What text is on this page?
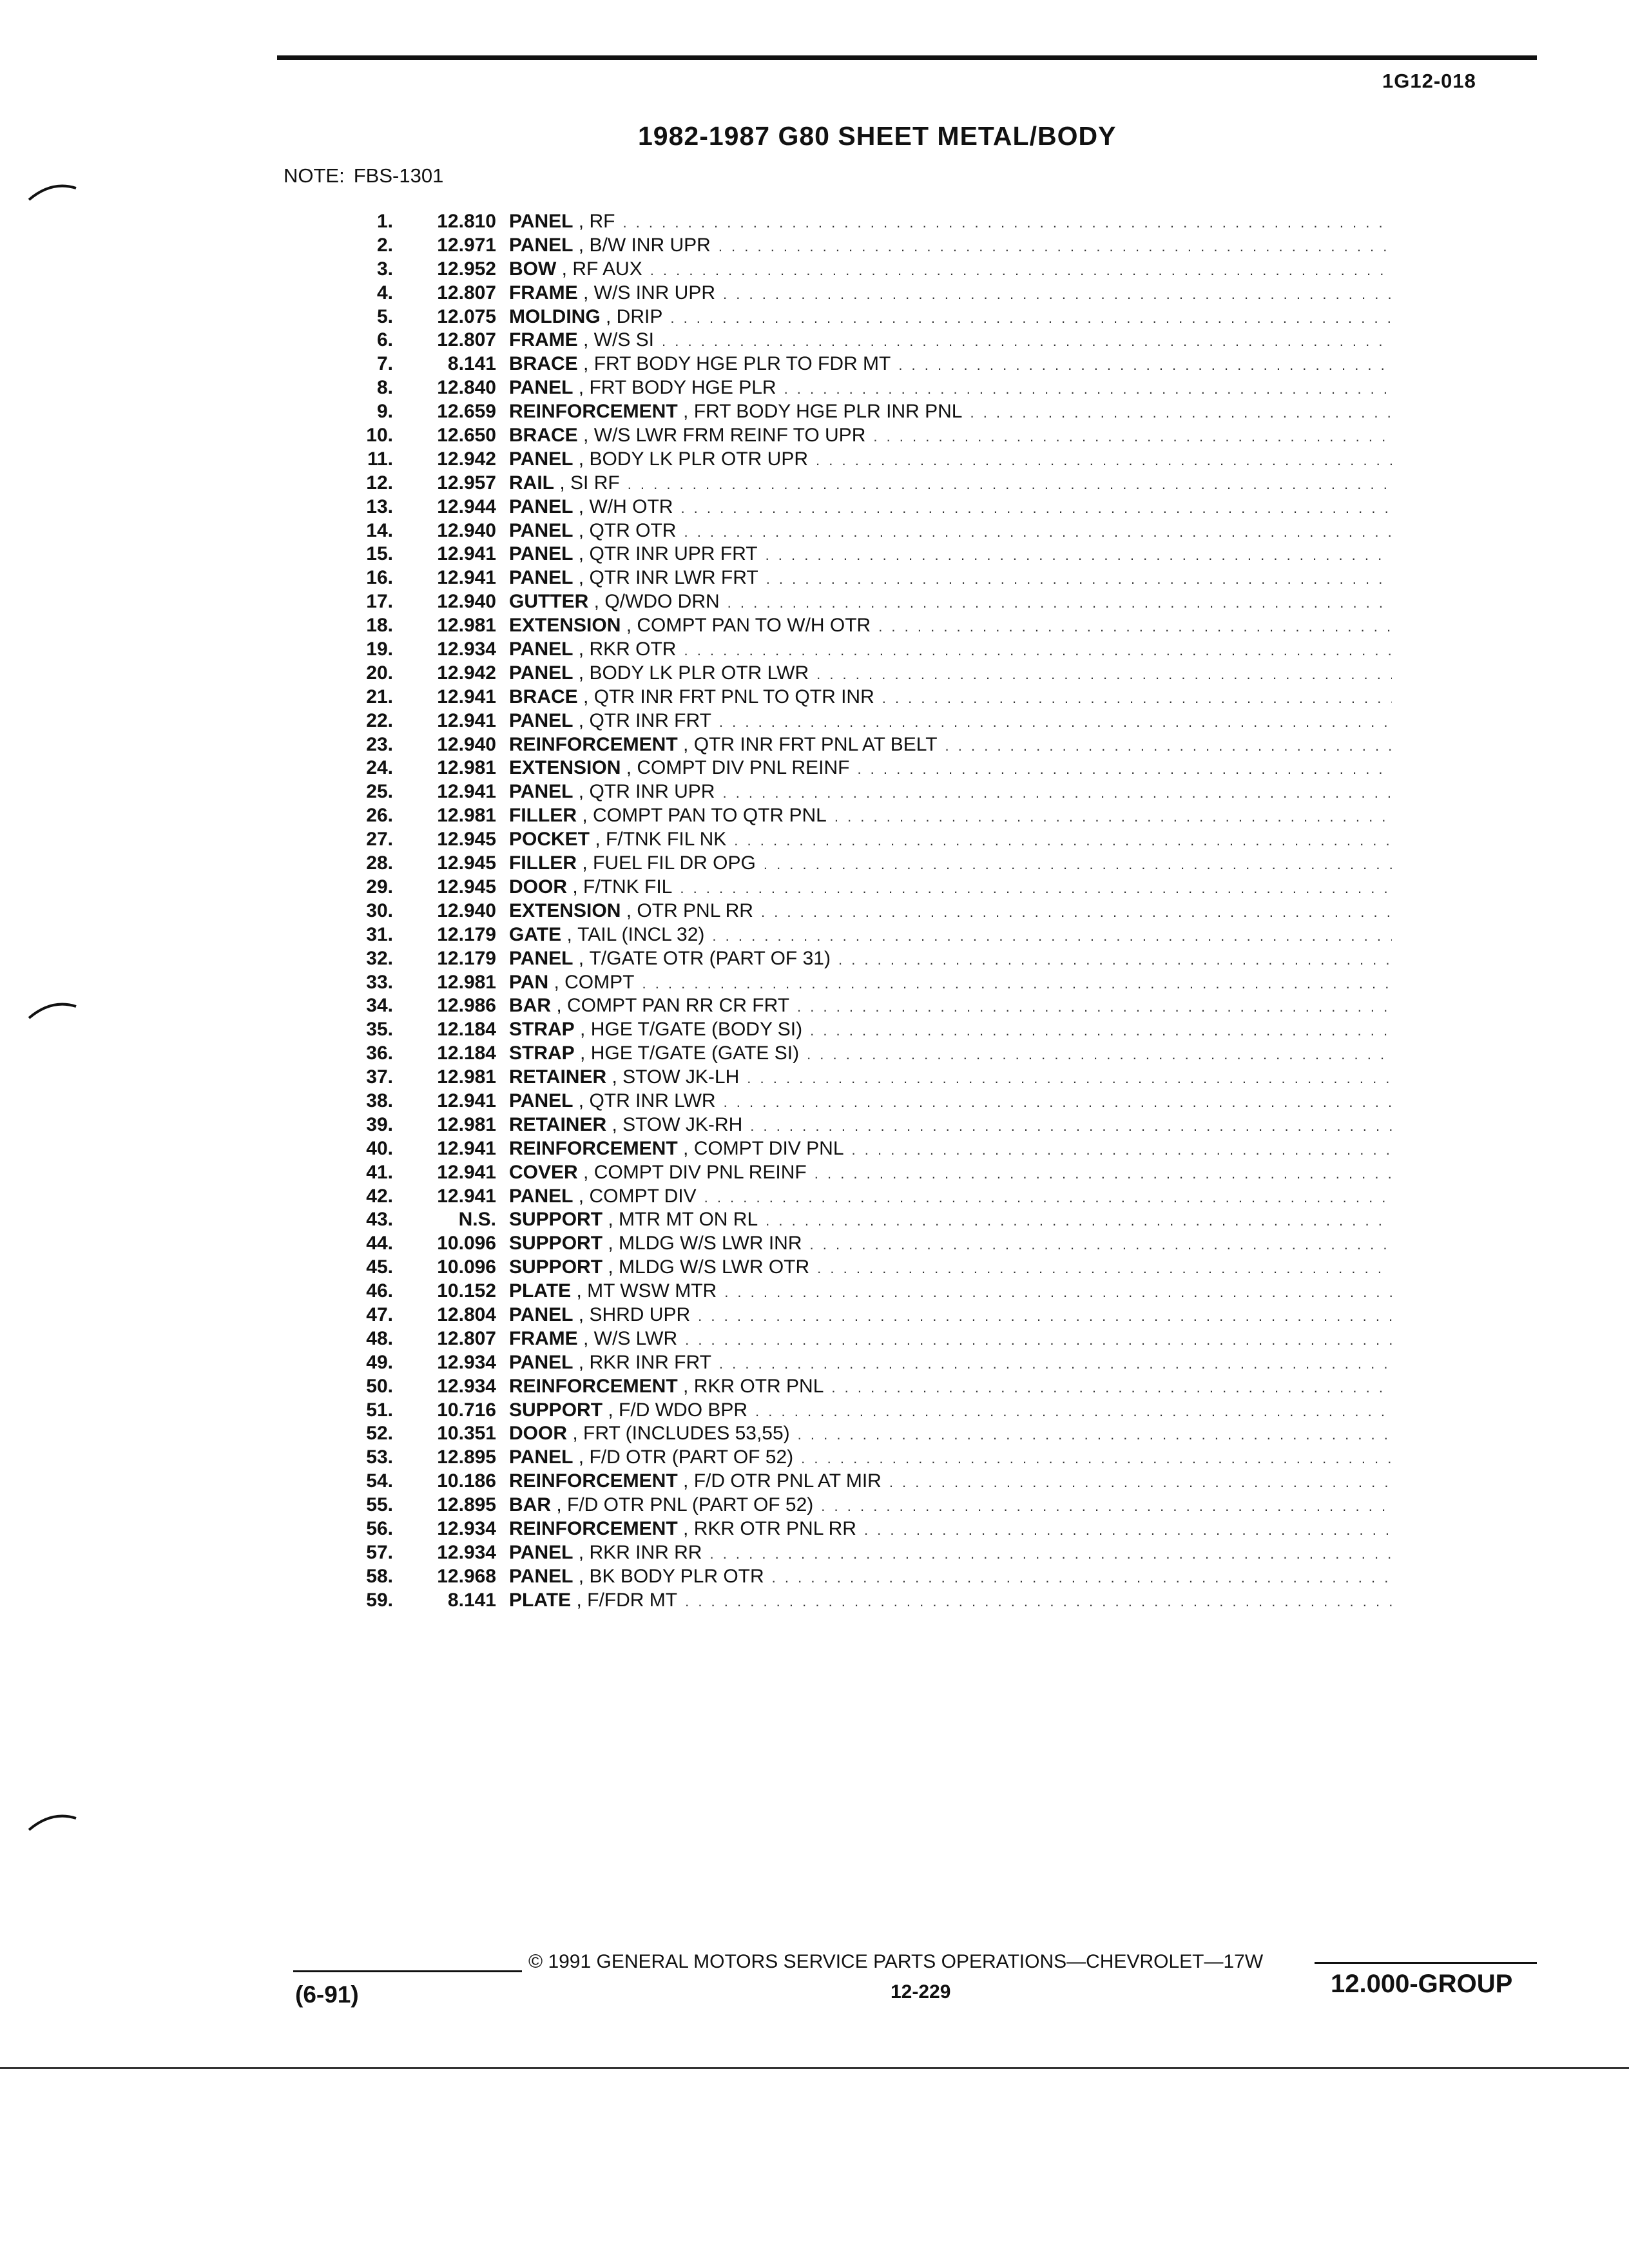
1G12-018
1982-1987 G80 SHEET METAL/BODY
NOTE: FBS-1301
1.	12.810 PANEL , RF
. . .
2.	12.971 PANEL , B/W INR UPR
. . .
3.	12.952 BOW , RF AUX
. . .
4.	12.807 FRAME , W/S INR UPR
. . .
5.	12.075 MOLDING , DRIP
. . .
6.	12.807 FRAME , W/S SI
. . .
7.	8.141 BRACE , FRT BODY HGE PLR TO FDR MT
. . .
8.	12.840 PANEL , FRT BODY HGE PLR
. . .
9.	12.659 REINFORCEMENT , FRT BODY HGE PLR INR PNL
. . .
10.	12.650 BRACE , W/S LWR FRM REINF TO UPR
. . .
11.	12.942 PANEL , BODY LK PLR OTR UPR
. . .
12.	12.957 RAIL , SI RF
. . .
13.	12.944 PANEL , W/H OTR
. . .
14.	12.940 PANEL , QTR OTR
. . .
15.	12.941 PANEL , QTR INR UPR FRT
. . .
16.	12.941 PANEL , QTR INR LWR FRT
. . .
17.	12.940 GUTTER , Q/WDO DRN
. . .
18.	12.981 EXTENSION , COMPT PAN TO W/H OTR
. . .
19.	12.934 PANEL , RKR OTR
. . .
20.	12.942 PANEL , BODY LK PLR OTR LWR
. . .
21.	12.941 BRACE , QTR INR FRT PNL TO QTR INR
. . .
22.	12.941 PANEL , QTR INR FRT
. . .
23.	12.940 REINFORCEMENT , QTR INR FRT PNL AT BELT
. . .
24.	12.981 EXTENSION , COMPT DIV PNL REINF
. . .
25.	12.941 PANEL , QTR INR UPR
. . .
26.	12.981 FILLER , COMPT PAN TO QTR PNL
. . .
27.	12.945 POCKET , F/TNK FIL NK
. . .
28.	12.945 FILLER , FUEL FIL DR OPG
. . .
29.	12.945 DOOR , F/TNK FIL
. . .
30.	12.940 EXTENSION , OTR PNL RR
. . .
31.	12.179 GATE , TAIL (INCL 32)
. . .
32.	12.179 PANEL , T/GATE OTR (PART OF 31)
. . .
33.	12.981 PAN , COMPT
. . .
34.	12.986 BAR , COMPT PAN RR CR FRT
. . .
35.	12.184 STRAP , HGE T/GATE (BODY SI)
. . .
36.	12.184 STRAP , HGE T/GATE (GATE SI)
. . .
37.	12.981 RETAINER , STOW JK-LH
. . .
38.	12.941 PANEL , QTR INR LWR
. . .
39.	12.981 RETAINER , STOW JK-RH
. . .
40.	12.941 REINFORCEMENT , COMPT DIV PNL
. . .
41.	12.941 COVER , COMPT DIV PNL REINF
. . .
42.	12.941 PANEL , COMPT DIV
. . .
43.	N.S. SUPPORT , MTR MT ON RL
. . .
44.	10.096 SUPPORT , MLDG W/S LWR INR
. . .
45.	10.096 SUPPORT , MLDG W/S LWR OTR
. . .
46.	10.152 PLATE , MT WSW MTR
. . .
47.	12.804 PANEL , SHRD UPR
. . .
48.	12.807 FRAME , W/S LWR
. . .
49.	12.934 PANEL , RKR INR FRT
. . .
50.	12.934 REINFORCEMENT , RKR OTR PNL
. . .
51.	10.716 SUPPORT , F/D WDO BPR
. . .
52.	10.351 DOOR , FRT (INCLUDES 53,55)
. . .
53.	12.895 PANEL , F/D OTR (PART OF 52)
. . .
54.	10.186 REINFORCEMENT , F/D OTR PNL AT MIR
. . .
55.	12.895 BAR , F/D OTR PNL (PART OF 52)
. . .
56.	12.934 REINFORCEMENT , RKR OTR PNL RR
. . .
57.	12.934 PANEL , RKR INR RR
. . .
58.	12.968 PANEL , BK BODY PLR OTR
. . .
59.	8.141 PLATE , F/FDR MT
. . .
© 1991 GENERAL MOTORS SERVICE PARTS OPERATIONS—CHEVROLET—17W
12-229
(6-91)	12.000-GROUP
